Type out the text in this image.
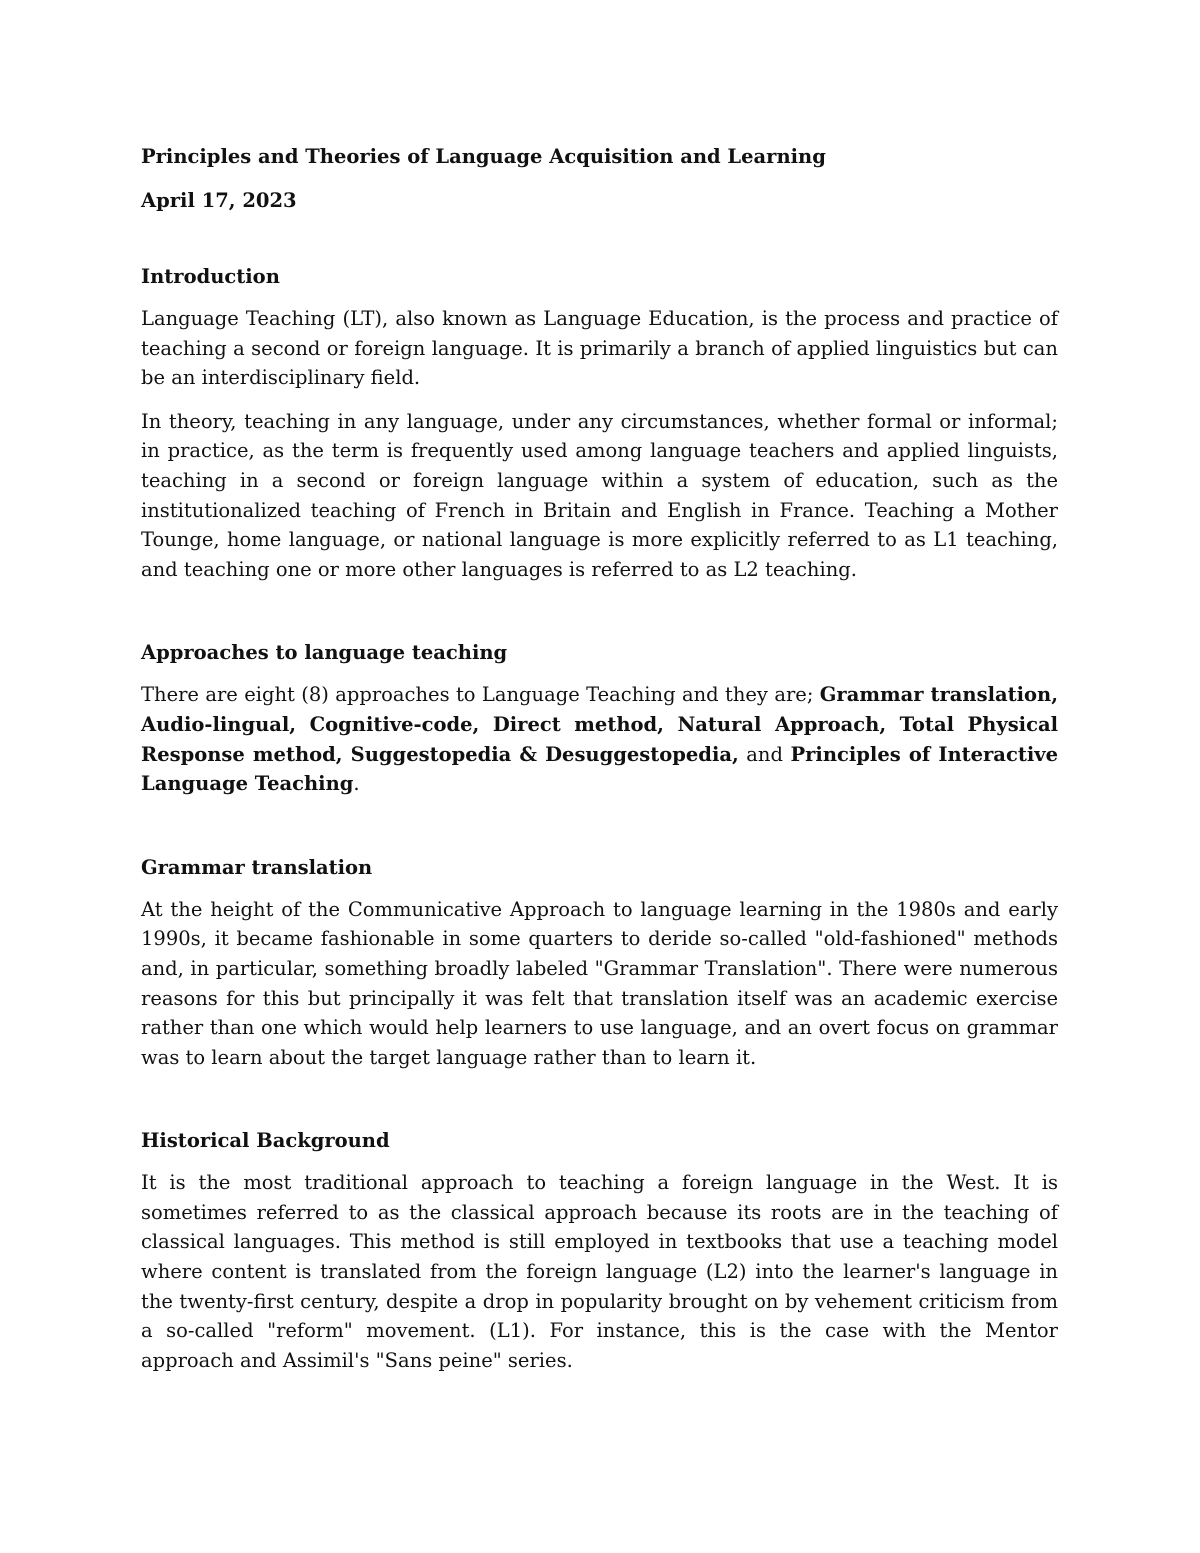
Principles and Theories of Language Acquisition and Learning

April 17, 2023

Introduction

Language Teaching (LT), also known as Language Education, is the process and practice of teaching a second or foreign language. It is primarily a branch of applied linguistics but can be an interdisciplinary field.

In theory, teaching in any language, under any circumstances, whether formal or informal; in practice, as the term is frequently used among language teachers and applied linguists, teaching in a second or foreign language within a system of education, such as the institutionalized teaching of French in Britain and English in France. Teaching a Mother Tounge, home language, or national language is more explicitly referred to as L1 teaching, and teaching one or more other languages is referred to as L2 teaching.

Approaches to language teaching

There are eight (8) approaches to Language Teaching and they are; Grammar translation, Audio-lingual, Cognitive-code, Direct method, Natural Approach, Total Physical Response method, Suggestopedia & Desuggestopedia, and Principles of Interactive Language Teaching.

Grammar translation

At the height of the Communicative Approach to language learning in the 1980s and early 1990s, it became fashionable in some quarters to deride so-called "old-fashioned" methods and, in particular, something broadly labeled "Grammar Translation". There were numerous reasons for this but principally it was felt that translation itself was an academic exercise rather than one which would help learners to use language, and an overt focus on grammar was to learn about the target language rather than to learn it.

Historical Background

It is the most traditional approach to teaching a foreign language in the West. It is sometimes referred to as the classical approach because its roots are in the teaching of classical languages. This method is still employed in textbooks that use a teaching model where content is translated from the foreign language (L2) into the learner's language in the twenty-first century, despite a drop in popularity brought on by vehement criticism from a so-called "reform" movement. (L1). For instance, this is the case with the Mentor approach and Assimil's "Sans peine" series.
